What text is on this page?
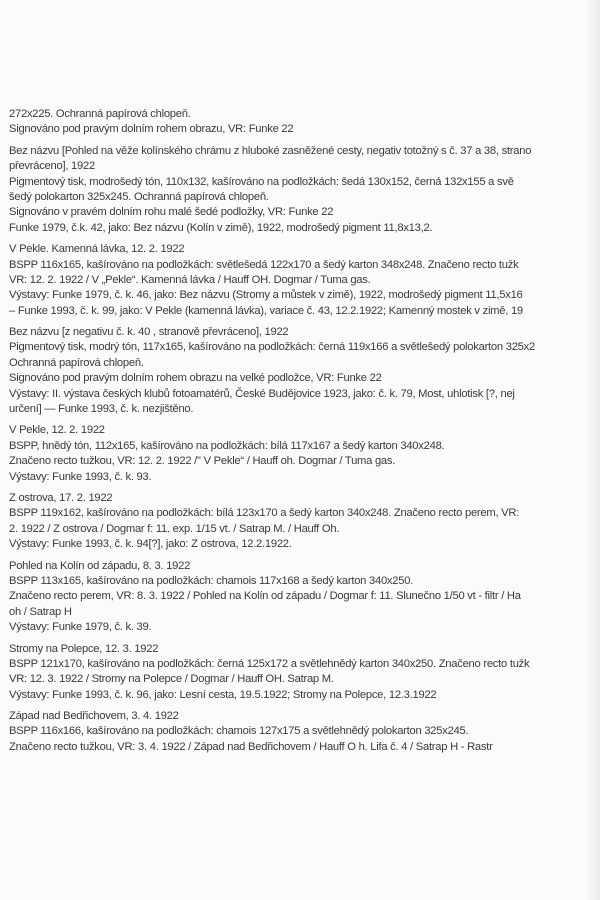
272x225. Ochranná papírová chlopeň.
Signováno pod pravým dolním rohem obrazu, VR: Funke 22
Bez názvu [Pohled na věže kolínského chrámu z hluboké zasněžené cesty, negativ totožný s č. 37 a 38, strano
převráceno], 1922
Pigmentový tisk, modrošedý tón, 110x132, kašírováno na podložkách: šedá 130x152, černá 132x155 a svě
šedý polokarton 325x245. Ochranná papírová chlopeň.
Signováno v pravém dolním rohu malé šedé podložky, VR: Funke 22
Funke 1979, č.k. 42, jako: Bez názvu (Kolín v zimě), 1922, modrošedý pigment 11,8x13,2.
V Pekle. Kamenná lávka, 12. 2. 1922
BSPP 116x165, kašírováno na podložkách: světlešedá 122x170 a šedý karton 348x248. Značeno recto tužk
VR: 12. 2. 1922 / V „Pekle“. Kamenná lávka / Hauff OH. Dogmar / Tuma gas.
Výstavy: Funke 1979, č. k. 46, jako: Bez názvu (Stromy a můstek v zimě), 1922, modrošedý pigment 11,5x16
– Funke 1993, č. k. 99, jako: V Pekle (kamenná lávka), variace č. 43, 12.2.1922; Kamenný mostek v zimě, 19
Bez názvu [z negativu č. k. 40 , stranově převráceno], 1922
Pigmentový tisk, modrý tón, 117x165, kašírováno na podložkách: černá 119x166 a světlešedý polokarton 325x2
Ochranná papírová chlopeň.
Signováno pod pravým dolním rohem obrazu na velké podložce, VR: Funke 22
Výstavy: II. výstava českých klubů fotoamatérů, České Budějovice 1923, jako: č. k. 79, Most, uhlotisk [?, nej
určení] — Funke 1993, č. k. nezjištěno.
V Pekle, 12. 2. 1922
BSPP, hnědý tón, 112x165, kašírováno na podložkách: bílá 117x167 a šedý karton 340x248.
Značeno recto tužkou, VR: 12. 2. 1922 /" V Pekle“ / Hauff oh. Dogmar / Tuma gas.
Výstavy: Funke 1993, č. k. 93.
Z ostrova, 17. 2. 1922
BSPP 119x162, kašírováno na podložkách: bílá 123x170 a šedý karton 340x248. Značeno recto perem, VR:
2. 1922 / Z ostrova / Dogmar f: 11. exp. 1/15 vt. / Satrap M. / Hauff Oh.
Výstavy: Funke 1993, č. k. 94[?], jako: Z ostrova, 12.2.1922.
Pohled na Kolín od západu, 8. 3. 1922
BSPP 113x165, kašírováno na podložkách: chamois 117x168 a šedý karton 340x250.
Značeno recto perem, VR: 8. 3. 1922 / Pohled na Kolín od západu / Dogmar f: 11. Slunečno 1/50 vt - filtr / Ha
oh / Satrap H
Výstavy: Funke 1979, č. k. 39.
Stromy na Polepce, 12. 3. 1922
BSPP 121x170, kašírováno na podložkách: černá 125x172 a světlehnědý karton 340x250. Značeno recto tužk
VR: 12. 3. 1922 / Stromy na Polepce / Dogmar / Hauff OH. Satrap M.
Výstavy: Funke 1993, č. k. 96, jako: Lesní cesta, 19.5.1922; Stromy na Polepce, 12.3.1922
Západ nad Bedřichovem, 3. 4. 1922
BSPP 116x166, kašírováno na podložkách: chamois 127x175 a světlehnědý polokarton 325x245.
Značeno recto tužkou, VR: 3. 4. 1922 / Západ nad Bedřichovem / Hauff O h. Lifa č. 4 / Satrap H - Rastr
